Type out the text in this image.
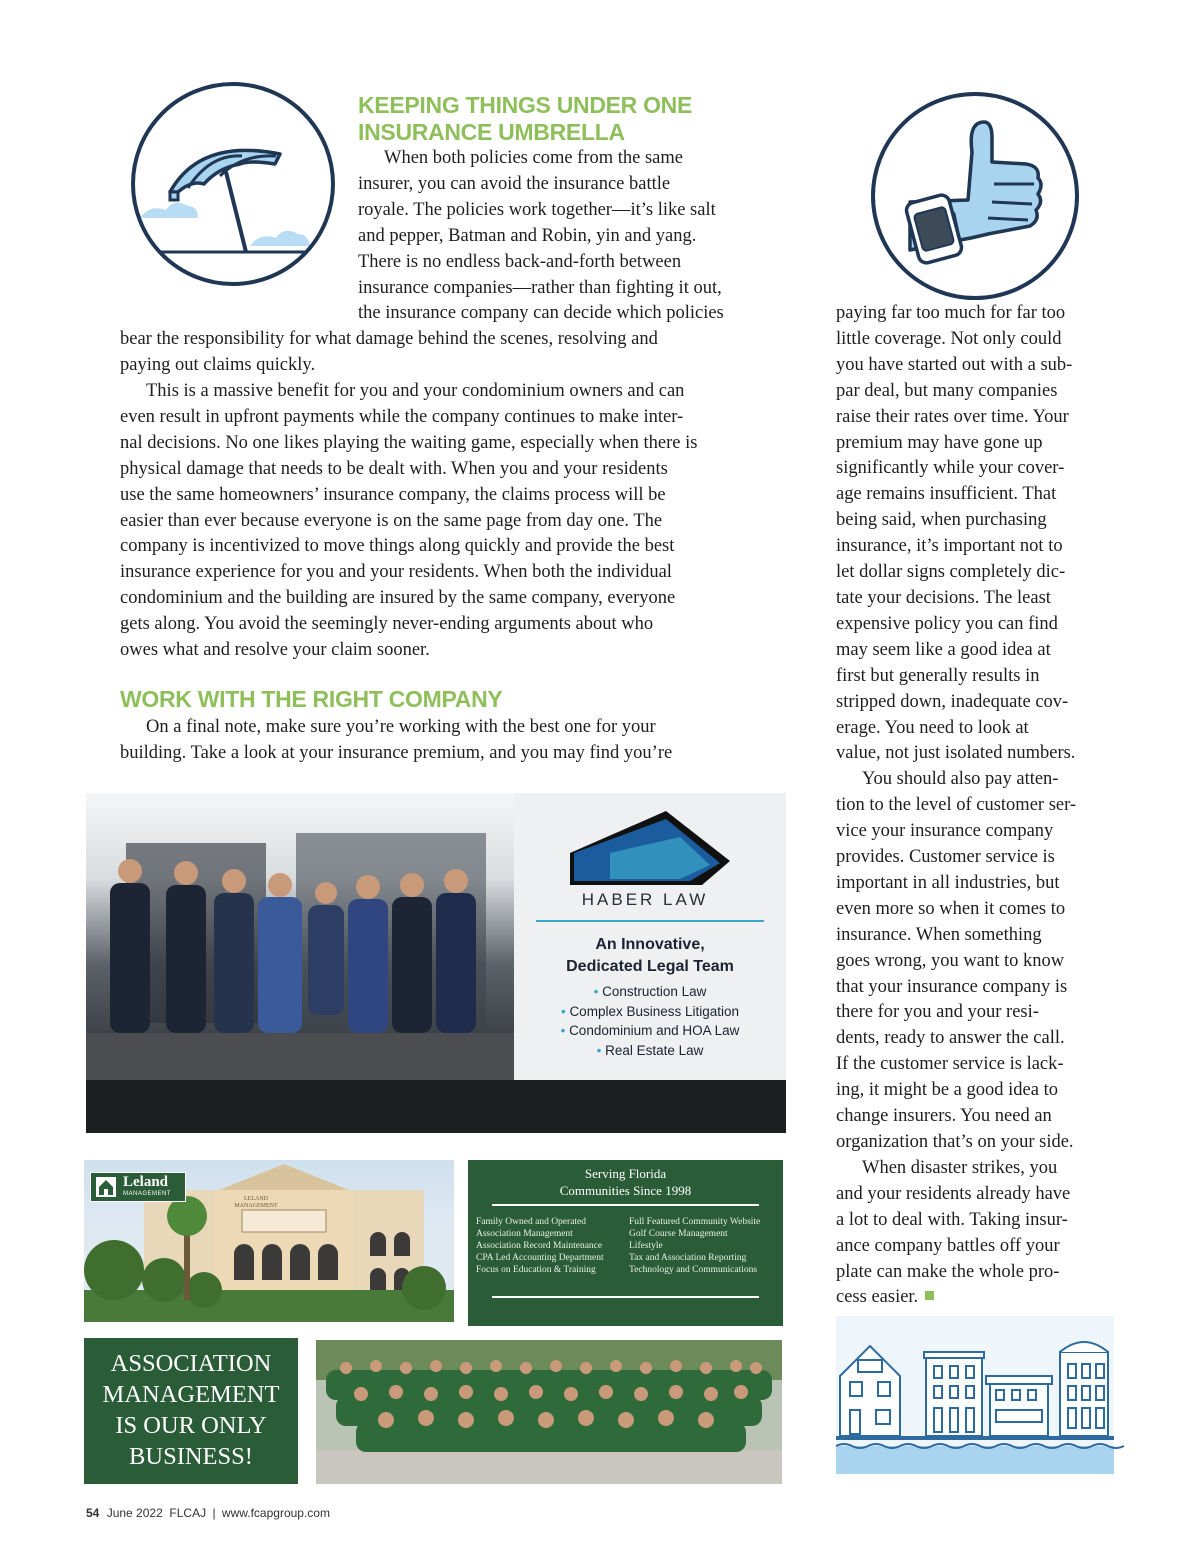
KEEPING THINGS UNDER ONE
INSURANCE UMBRELLA
When both policies come from the same
insurer, you can avoid the insurance battle
royale. The policies work together—it’s like salt
and pepper, Batman and Robin, yin and yang.
There is no endless back-and-forth between
insurance companies—rather than fighting it out,
the insurance company can decide which policies
bear the responsibility for what damage behind the scenes, resolving and
paying out claims quickly.
This is a massive benefit for you and your condominium owners and can
even result in upfront payments while the company continues to make inter-
nal decisions. No one likes playing the waiting game, especially when there is
physical damage that needs to be dealt with. When you and your residents
use the same homeowners’ insurance company, the claims process will be
easier than ever because everyone is on the same page from day one. The
company is incentivized to move things along quickly and provide the best
insurance experience for you and your residents. When both the individual
condominium and the building are insured by the same company, everyone
gets along. You avoid the seemingly never-ending arguments about who
owes what and resolve your claim sooner.
WORK WITH THE RIGHT COMPANY
On a final note, make sure you’re working with the best one for your
building. Take a look at your insurance premium, and you may find you’re
paying far too much for far too
little coverage. Not only could
you have started out with a sub-
par deal, but many companies
raise their rates over time. Your
premium may have gone up
significantly while your cover-
age remains insufficient. That
being said, when purchasing
insurance, it’s important not to
let dollar signs completely dic-
tate your decisions. The least
expensive policy you can find
may seem like a good idea at
first but generally results in
stripped down, inadequate cov-
erage. You need to look at
value, not just isolated numbers.
You should also pay atten-
tion to the level of customer ser-
vice your insurance company
provides. Customer service is
important in all industries, but
even more so when it comes to
insurance. When something
goes wrong, you want to know
that your insurance company is
there for you and your resi-
dents, ready to answer the call.
If the customer service is lack-
ing, it might be a good idea to
change insurers. You need an
organization that’s on your side.
When disaster strikes, you
and your residents already have
a lot to deal with. Taking insur-
ance company battles off your
plate can make the whole pro-
cess easier.
HABER LAW
An Innovative,
Dedicated Legal Team
• Construction Law
• Complex Business Litigation
• Condominium and HOA Law
• Real Estate Law

Leland
MANAGEMENT
LELAND
MANAGEMENT
Serving Florida
Communities Since 1998
Family Owned and Operated
Association Management
Association Record Maintenance
CPA Led Accounting Department
Focus on Education & Training
Full Featured Community Website
Golf Course Management
Lifestyle
Tax and Association Reporting
Technology and Communications
ASSOCIATION
MANAGEMENT
IS OUR ONLY
BUSINESS!
54 June 2022  FLCAJ | www.fcapgroup.com
